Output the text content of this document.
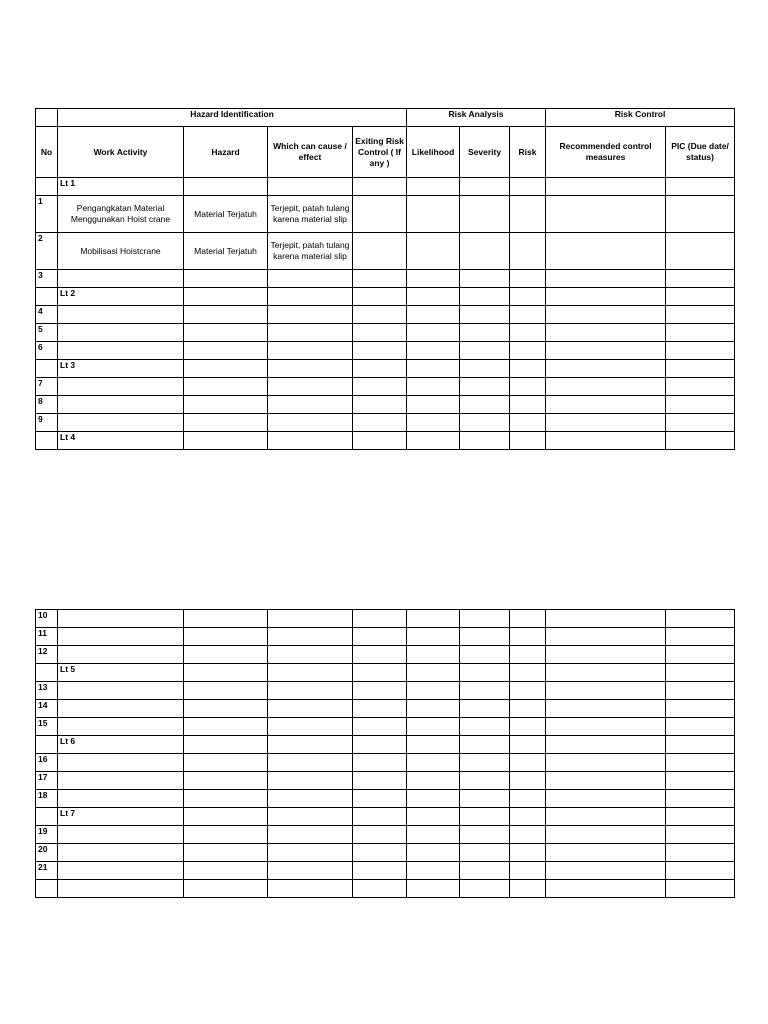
	Hazard Identification				Risk Analysis			Risk Control	
No	Work Activity	Hazard	Which can cause / effect	Exiting Risk Control ( If any )	Likelihood	Severity	Risk	Recommended control measures	PIC (Due date/ status)
	Lt 1								
1	Pengangkatan Material Menggunakan Hoist crane	Material Terjatuh	Terjepit, patah tulang karena material slip						
2	Mobilisasi Hoistcrane	Material Terjatuh	Terjepit, patah tulang karena material slip						
3									
	Lt 2								
4									
5									
6									
	Lt 3								
7									
8									
9									
	Lt 4								
10									
11									
12									
	Lt 5								
13									
14									
15									
	Lt 6								
16									
17									
18									
	Lt 7								
19									
20									
21									
